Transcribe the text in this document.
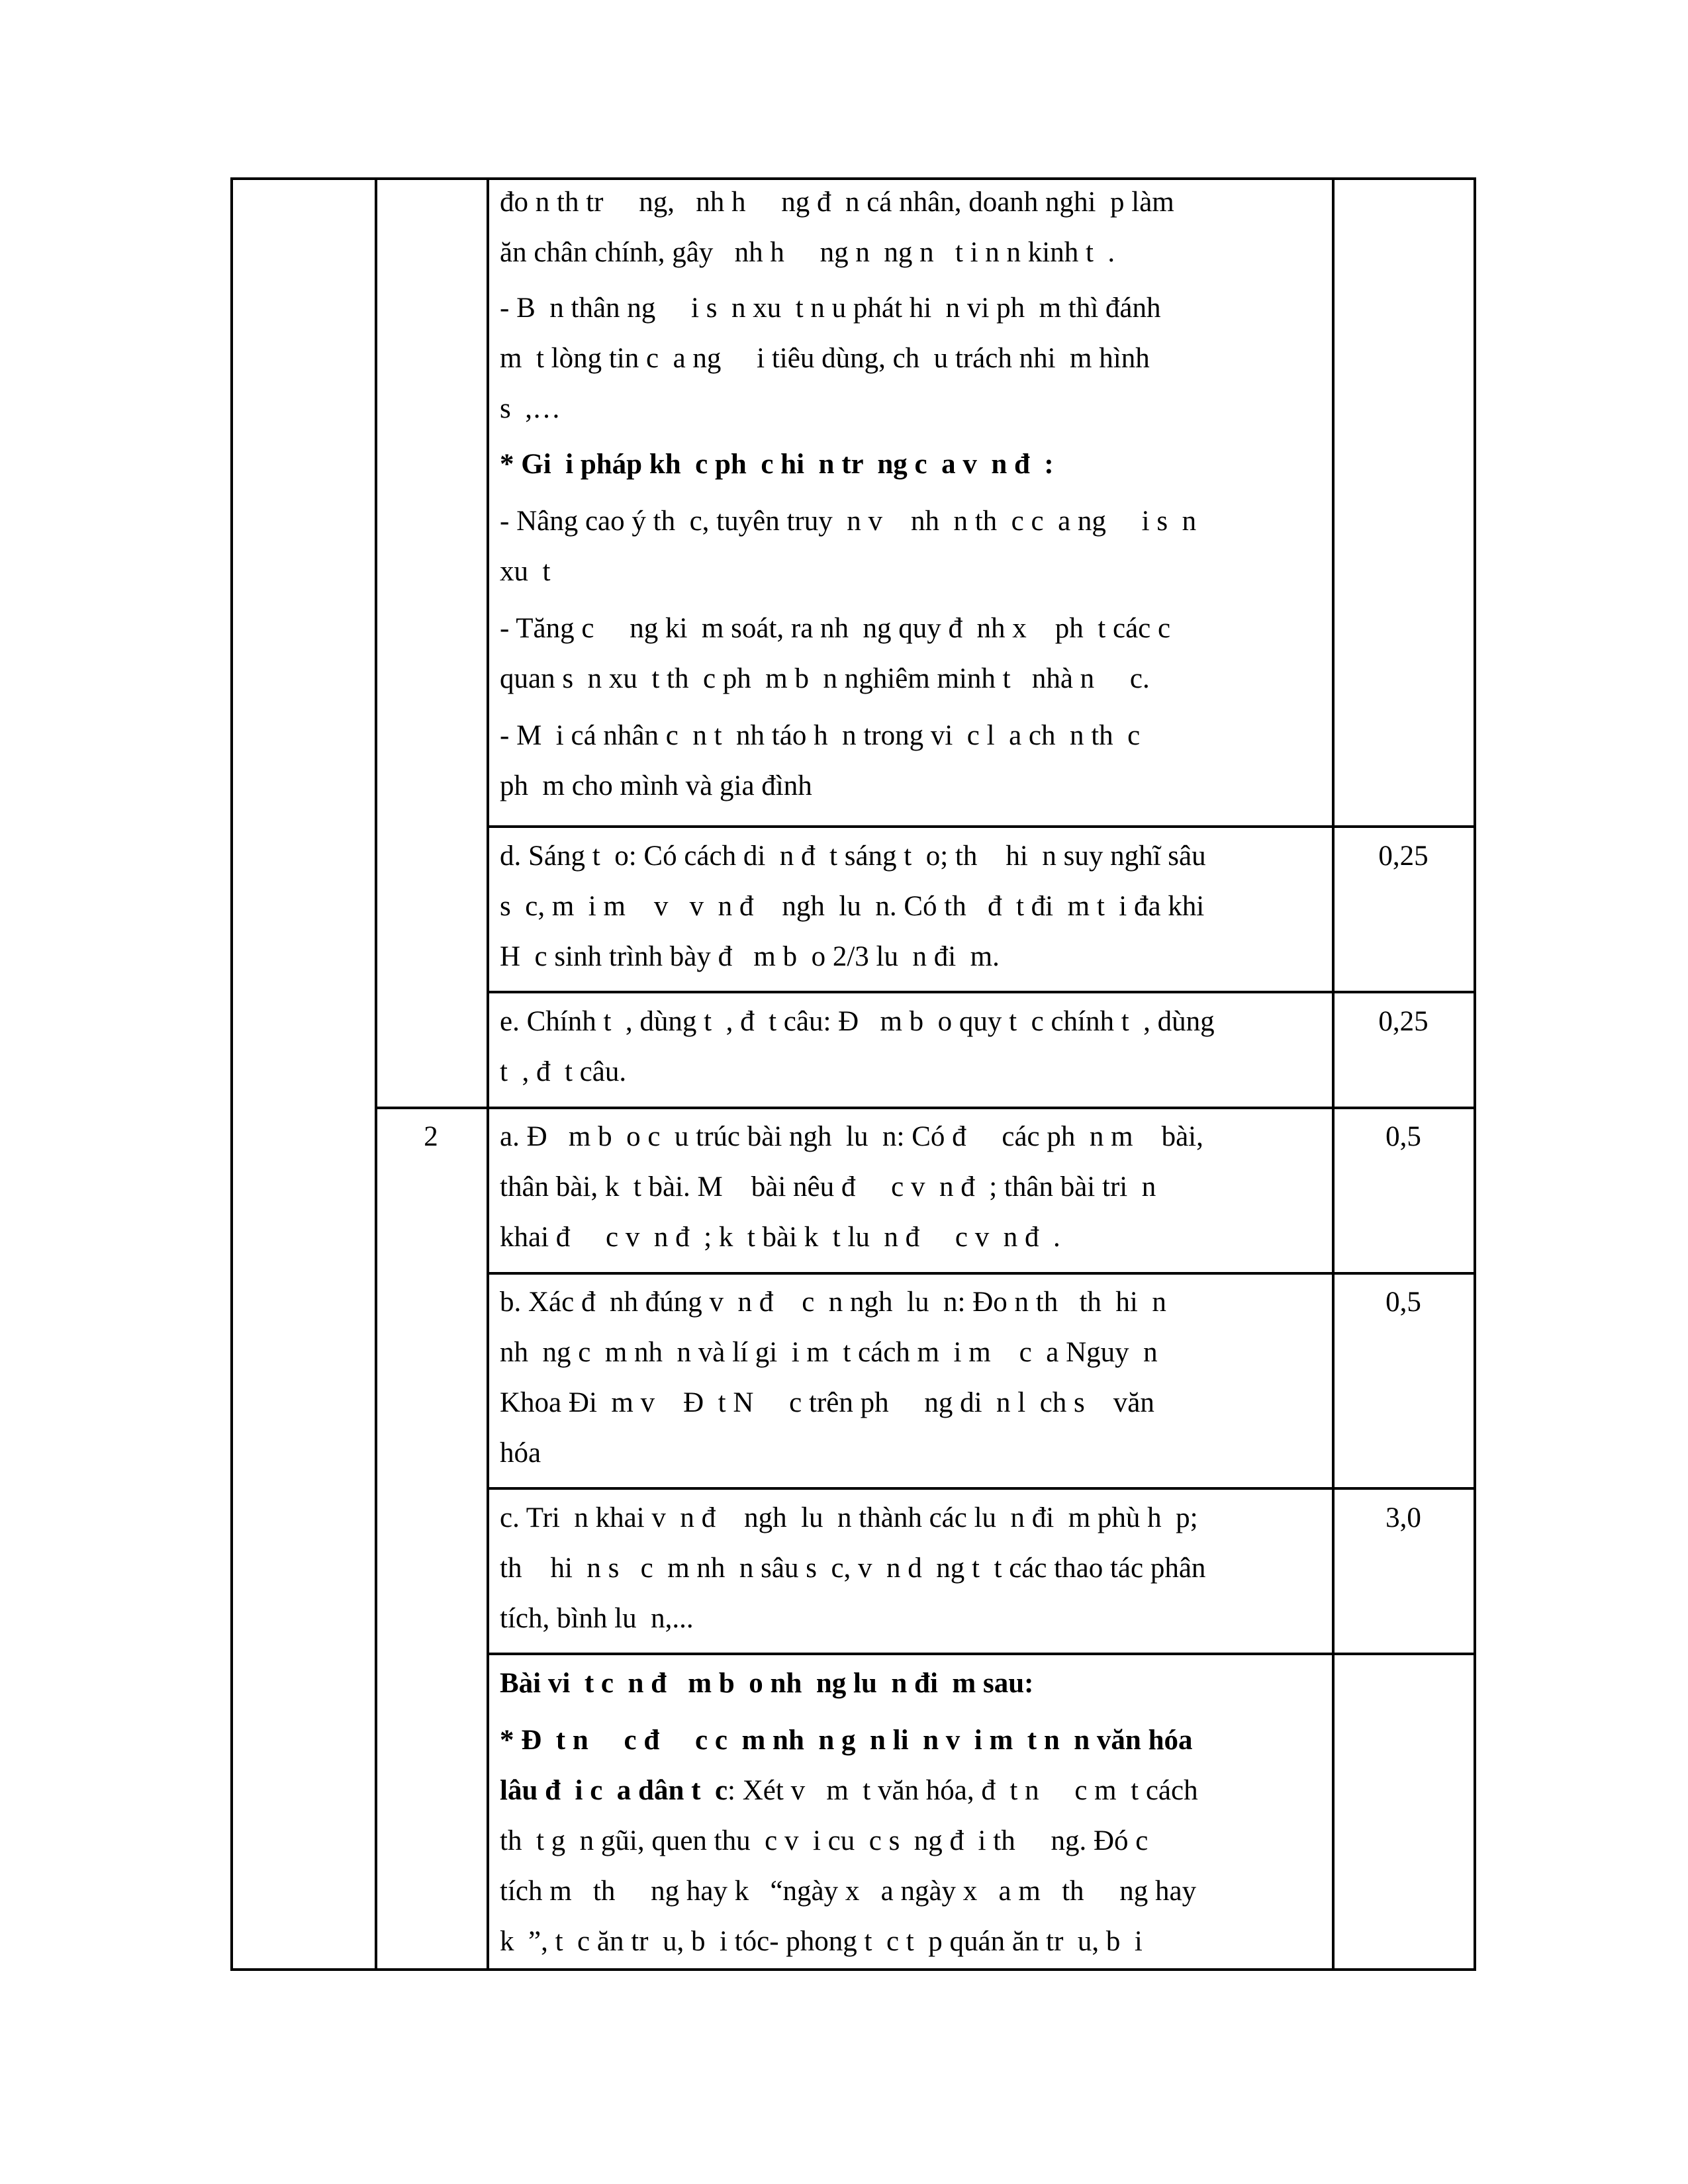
đo n th tr     ng,   nh h     ng đ  n cá nhân, doanh nghi  p làm
ăn chân chính, gây   nh h     ng n  ng n   t i n n kinh t  .
- B  n thân ng     i s  n xu  t n u phát hi  n vi ph  m thì đánh
m  t lòng tin c  a ng     i tiêu dùng, ch  u trách nhi  m hình
s  ,…
* Gi  i pháp kh  c ph  c hi  n tr  ng c  a v  n đ  :
- Nâng cao ý th  c, tuyên truy  n v    nh  n th  c c  a ng     i s  n
xu  t
- Tăng c     ng ki  m soát, ra nh  ng quy đ  nh x    ph  t các c
quan s  n xu  t th  c ph  m b  n nghiêm minh t   nhà n     c.
- M  i cá nhân c  n t  nh táo h  n trong vi  c l  a ch  n th  c
ph  m cho mình và gia đình
d. Sáng t  o: Có cách di  n đ  t sáng t  o; th    hi  n suy nghĩ sâu
s  c, m  i m    v   v  n đ    ngh  lu  n. Có th   đ  t đi  m t  i đa khi
H  c sinh trình bày đ   m b  o 2/3 lu  n đi  m.
0,25
e. Chính t  , dùng t  , đ  t câu: Đ   m b  o quy t  c chính t  , dùng
t  , đ  t câu.
0,25
2	a. Đ   m b  o c  u trúc bài ngh  lu  n: Có đ     các ph  n m    bài,
thân bài, k  t bài. M    bài nêu đ     c v  n đ  ; thân bài tri  n
khai đ     c v  n đ  ; k  t bài k  t lu  n đ     c v  n đ  .
0,5
b. Xác đ  nh đúng v  n đ    c  n ngh  lu  n: Đo n th   th  hi  n
nh  ng c  m nh  n và lí gi  i m  t cách m  i m    c  a Nguy  n
Khoa Đi  m v    Đ  t N     c trên ph     ng di  n l  ch s    văn
hóa
0,5
c. Tri  n khai v  n đ    ngh  lu  n thành các lu  n đi  m phù h  p;
th    hi  n s   c  m nh  n sâu s  c, v  n d  ng t  t các thao tác phân
tích, bình lu  n,...
3,0
Bài vi  t c  n đ   m b  o nh  ng lu  n đi  m sau:
* Đ  t n     c đ     c c  m nh  n g  n li  n v  i m  t n  n văn hóa
lâu đ  i c  a dân t  c: Xét v   m  t văn hóa, đ  t n     c m  t cách
th  t g  n gũi, quen thu  c v  i cu  c s  ng đ  i th     ng. Đó c
tích m   th     ng hay k   “ngày x   a ngày x   a m   th     ng hay
k  ”, t  c ăn tr  u, b  i tóc- phong t  c t  p quán ăn tr  u, b  i
